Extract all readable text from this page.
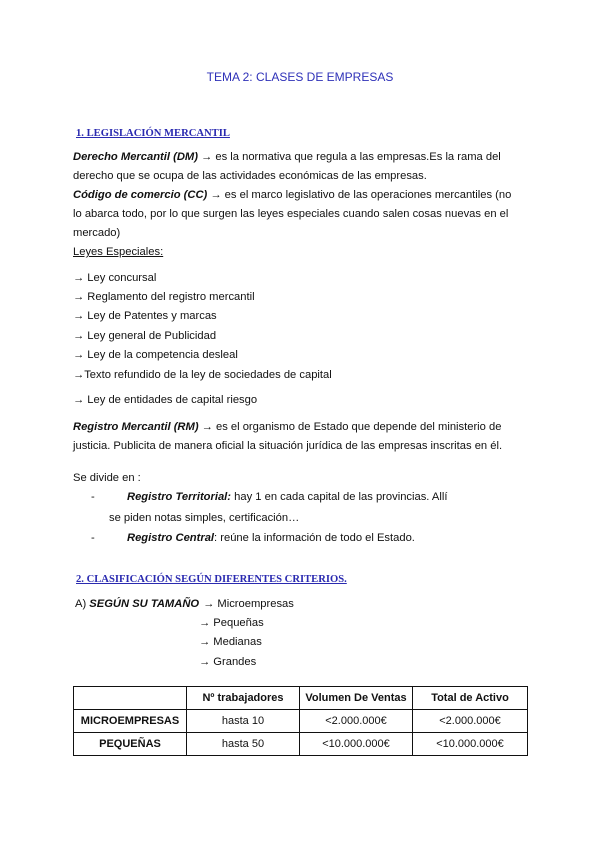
TEMA 2: CLASES DE EMPRESAS
1. LEGISLACIÓN MERCANTIL
Derecho Mercantil (DM) → es la normativa que regula a las empresas.Es la rama del derecho que se ocupa de las actividades económicas de las empresas.
Código de comercio (CC) → es el marco legislativo de las operaciones mercantiles (no lo abarca todo, por lo que surgen las leyes especiales cuando salen cosas nuevas en el mercado)
Leyes Especiales:
→ Ley concursal
→ Reglamento del registro mercantil
→ Ley de Patentes y marcas
→ Ley general de Publicidad
→ Ley de la competencia desleal
→Texto refundido de la ley de sociedades de capital
→ Ley de entidades de capital riesgo
Registro Mercantil (RM) → es el organismo de Estado que depende del ministerio de justicia. Publicita de manera oficial la situación jurídica de las empresas inscritas en él.
Se divide en :
-	Registro Territorial: hay 1 en cada capital de las provincias. Allí
se piden notas simples, certificación…
-	Registro Central: reúne la información de todo el Estado.
2. CLASIFICACIÓN SEGÚN DIFERENTES CRITERIOS.
A) SEGÚN SU TAMAÑO → Microempresas
→ Pequeñas
→ Medianas
→ Grandes
	Nº trabajadores	Volumen De Ventas	Total de Activo
MICROEMPRESAS	hasta 10	<2.000.000€	<2.000.000€
PEQUEÑAS	hasta 50	<10.000.000€	<10.000.000€
